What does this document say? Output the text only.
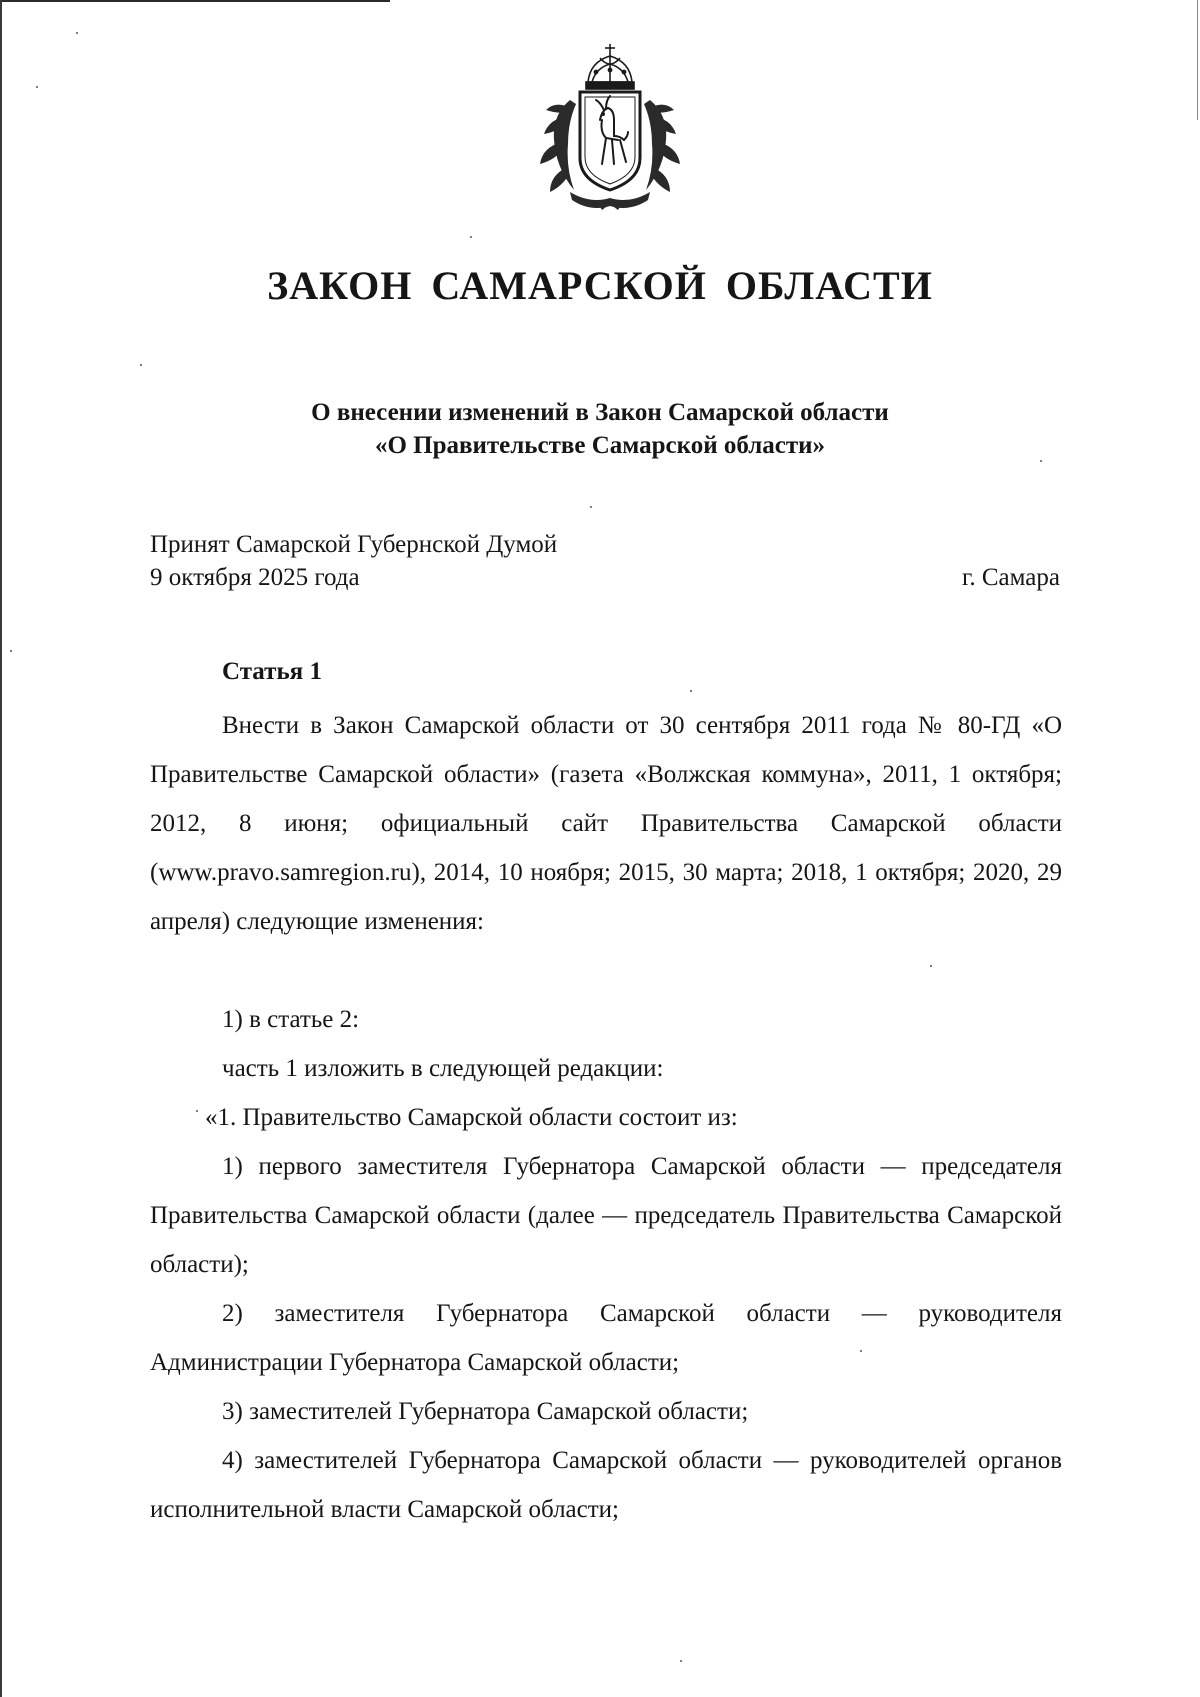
ЗАКОН САМАРСКОЙ ОБЛАСТИ
О внесении изменений в Закон Самарской области
«О Правительстве Самарской области»
Принят Самарской Губернской Думой
9 октября 2025 года	г. Самара
Статья 1

Внести в Закон Самарской области от 30 сентября 2011 года № 80-ГД «О Правительстве Самарской области» (газета «Волжская коммуна», 2011, 1 октября; 2012, 8 июня; официальный сайт Правительства Самарской области (www.pravo.samregion.ru), 2014, 10 ноября; 2015, 30 марта; 2018, 1 октября; 2020, 29 апреля) следующие изменения:

1) в статье 2:

часть 1 изложить в следующей редакции:

«1. Правительство Самарской области состоит из:

1) первого заместителя Губернатора Самарской области — председателя Правительства Самарской области (далее — председатель Правительства Самарской области);

2) заместителя Губернатора Самарской области — руководителя Администрации Губернатора Самарской области;

3) заместителей Губернатора Самарской области;

4) заместителей Губернатора Самарской области — руководителей органов исполнительной власти Самарской области;
